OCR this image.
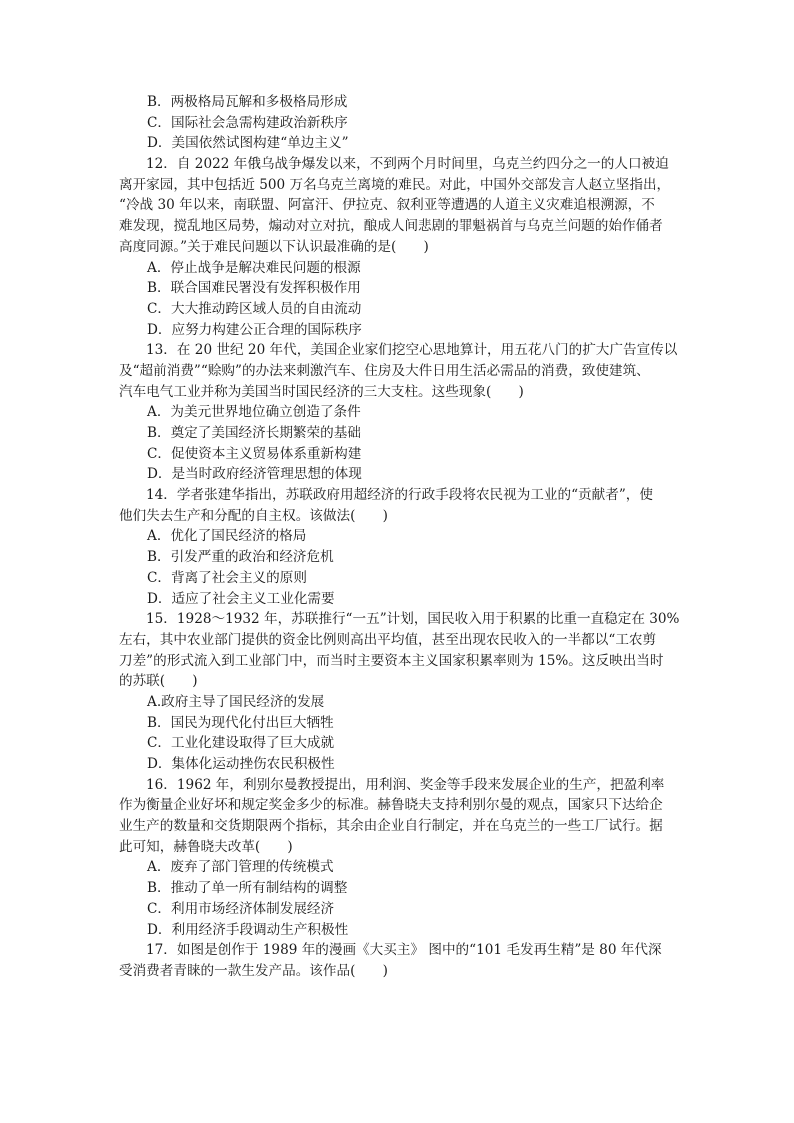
B．两极格局瓦解和多极格局形成
C．国际社会急需构建政治新秩序
D．美国依然试图构建“单边主义”
12．自 2022 年俄乌战争爆发以来，不到两个月时间里，乌克兰约四分之一的人口被迫
离开家园，其中包括近 500 万名乌克兰离境的难民。对此，中国外交部发言人赵立坚指出，
“冷战 30 年以来，南联盟、阿富汗、伊拉克、叙利亚等遭遇的人道主义灾难追根溯源，不
难发现，搅乱地区局势，煽动对立对抗，酿成人间悲剧的罪魁祸首与乌克兰问题的始作俑者
高度同源。”关于难民问题以下认识最准确的是(　　)
A．停止战争是解决难民问题的根源
B．联合国难民署没有发挥积极作用
C．大大推动跨区域人员的自由流动
D．应努力构建公正合理的国际秩序
13．在 20 世纪 20 年代，美国企业家们挖空心思地算计，用五花八门的扩大广告宣传以
及“超前消费”“赊购”的办法来刺激汽车、住房及大件日用生活必需品的消费，致使建筑、
汽车电气工业并称为美国当时国民经济的三大支柱。这些现象(　　)
A．为美元世界地位确立创造了条件
B．奠定了美国经济长期繁荣的基础
C．促使资本主义贸易体系重新构建
D．是当时政府经济管理思想的体现
14．学者张建华指出，苏联政府用超经济的行政手段将农民视为工业的“贡献者”，使
他们失去生产和分配的自主权。该做法(　　)
A．优化了国民经济的格局
B．引发严重的政治和经济危机
C．背离了社会主义的原则
D．适应了社会主义工业化需要
15．1928～1932 年，苏联推行“一五”计划，国民收入用于积累的比重一直稳定在 30%
左右，其中农业部门提供的资金比例则高出平均值，甚至出现农民收入的一半都以“工农剪
刀差”的形式流入到工业部门中，而当时主要资本主义国家积累率则为 15%。这反映出当时
的苏联(　　)
A.政府主导了国民经济的发展
B．国民为现代化付出巨大牺牲
C．工业化建设取得了巨大成就
D．集体化运动挫伤农民积极性
16．1962 年，利别尔曼教授提出，用利润、奖金等手段来发展企业的生产，把盈利率
作为衡量企业好坏和规定奖金多少的标准。赫鲁晓夫支持利别尔曼的观点，国家只下达给企
业生产的数量和交货期限两个指标，其余由企业自行制定，并在乌克兰的一些工厂试行。据
此可知，赫鲁晓夫改革(　　)
A．废弃了部门管理的传统模式
B．推动了单一所有制结构的调整
C．利用市场经济体制发展经济
D．利用经济手段调动生产积极性
17．如图是创作于 1989 年的漫画《大买主》 图中的“101 毛发再生精”是 80 年代深
受消费者青睐的一款生发产品。该作品(　　)
